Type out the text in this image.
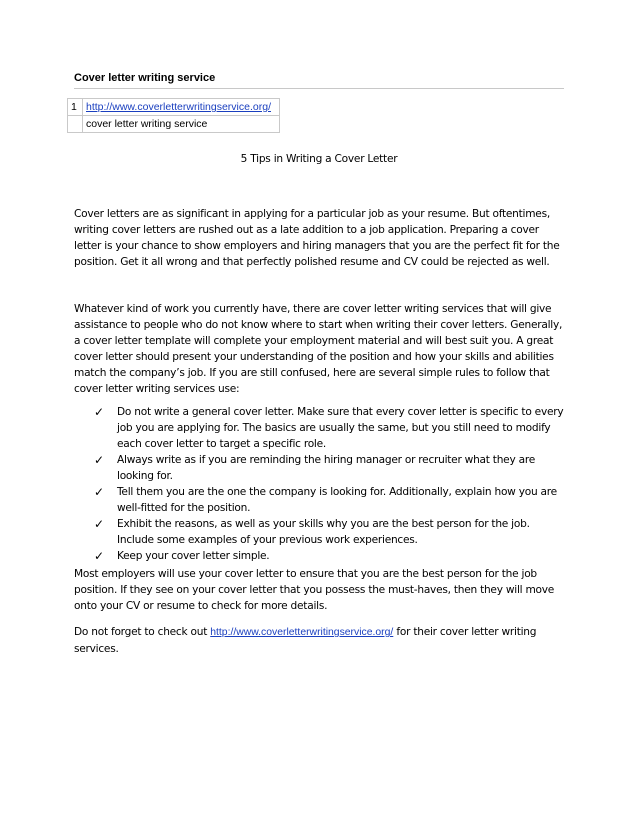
Cover letter writing service
1	http://www.coverletterwritingservice.org/
	cover letter writing service
5 Tips in Writing a Cover Letter
Cover letters are as significant in applying for a particular job as your resume. But oftentimes, writing cover letters are rushed out as a late addition to a job application. Preparing a cover letter is your chance to show employers and hiring managers that you are the perfect fit for the position. Get it all wrong and that perfectly polished resume and CV could be rejected as well.
Whatever kind of work you currently have, there are cover letter writing services that will give assistance to people who do not know where to start when writing their cover letters. Generally, a cover letter template will complete your employment material and will best suit you. A great cover letter should present your understanding of the position and how your skills and abilities match the company’s job. If you are still confused, here are several simple rules to follow that cover letter writing services use:
✓ Do not write a general cover letter. Make sure that every cover letter is specific to every job you are applying for. The basics are usually the same, but you still need to modify each cover letter to target a specific role.
✓ Always write as if you are reminding the hiring manager or recruiter what they are looking for.
✓ Tell them you are the one the company is looking for. Additionally, explain how you are well-fitted for the position.
✓ Exhibit the reasons, as well as your skills why you are the best person for the job. Include some examples of your previous work experiences.
✓ Keep your cover letter simple.
Most employers will use your cover letter to ensure that you are the best person for the job position. If they see on your cover letter that you possess the must-haves, then they will move onto your CV or resume to check for more details.
Do not forget to check out http://www.coverletterwritingservice.org/ for their cover letter writing services.
